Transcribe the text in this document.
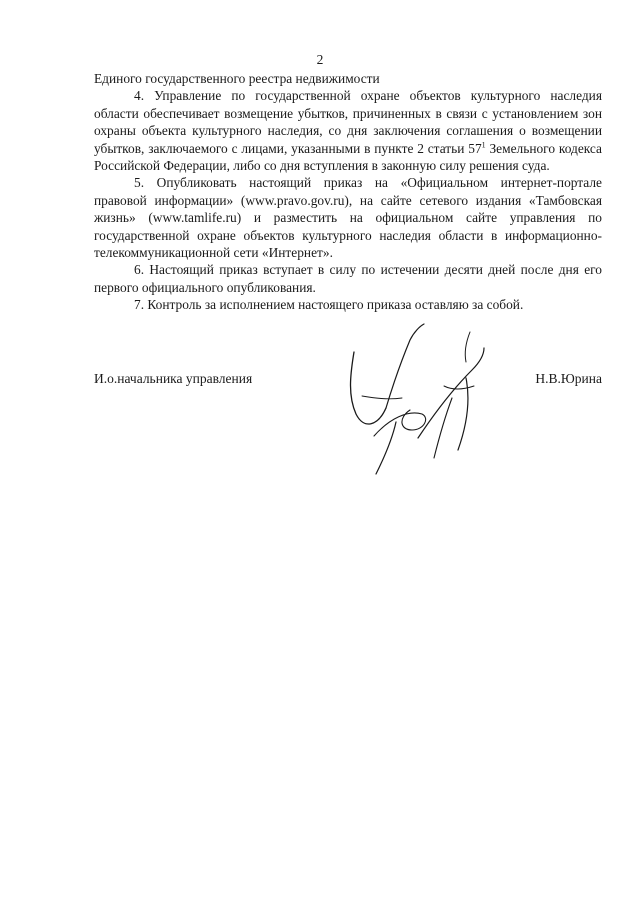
2

Единого государственного реестра недвижимости

4. Управление по государственной охране объектов культурного наследия области обеспечивает возмещение убытков, причиненных в связи с установлением зон охраны объекта культурного наследия, со дня заключения соглашения о возмещении убытков, заключаемого с лицами, указанными в пункте 2 статьи $57^1$ Земельного кодекса Российской Федерации, либо со дня вступления в законную силу решения суда.

5. Опубликовать настоящий приказ на «Официальном интернет-портале правовой информации» (www.pravo.gov.ru), на сайте сетевого издания «Тамбовская жизнь» (www.tamlife.ru) и разместить на официальном сайте управления по государственной охране объектов культурного наследия области в информационно-телекоммуникационной сети «Интернет».

6. Настоящий приказ вступает в силу по истечении десяти дней после дня его первого официального опубликования.

7. Контроль за исполнением настоящего приказа оставляю за собой.

И.о.начальника управления	Н.В.Юрина
